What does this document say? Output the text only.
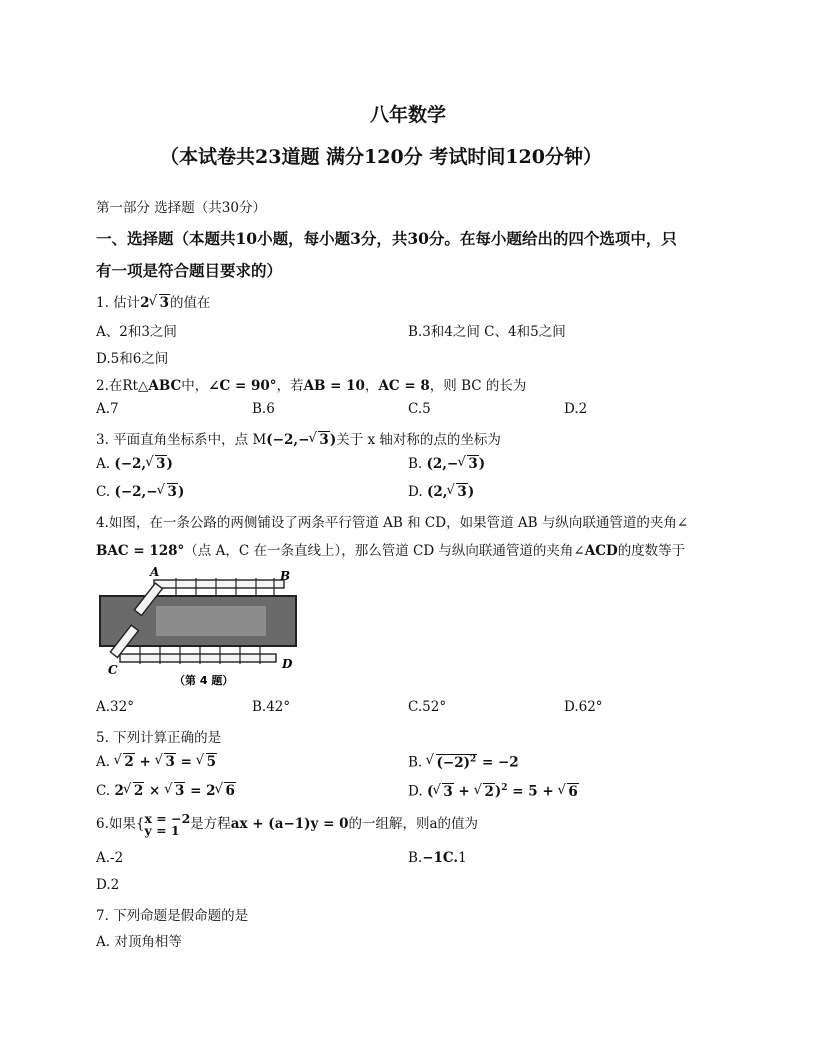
八年数学
（本试卷共23道题 满分120分 考试时间120分钟）
第一部分 选择题（共30分）
一、选择题（本题共10小题，每小题3分，共30分。在每小题给出的四个选项中，只
有一项是符合题目要求的）
1. 估计2 √ 3的值在
A、2和3之间	B.3和4之间 C、4和5之间
D.5和6之间
2.在Rt△ABC中，∠C = 90°，若AB = 10，AC = 8，则 BC 的长为
A.7	B.6	C.5	D.2
3. 平面直角坐标系中，点 M(−2,− √ 3)关于 x 轴对称的点的坐标为
A. (−2, √ 3)	B. (2,− √ 3)
C. (−2,− √ 3)	D. (2, √ 3)
4.如图，在一条公路的两侧铺设了两条平行管道 AB 和 CD，如果管道 AB 与纵向联通管道的夹角∠
BAC = 128°（点 A，C 在一条直线上），那么管道 CD 与纵向联通管道的夹角∠ACD的度数等于
A	B
C	D
（第 4 题）
A.32°	B.42°	C.52°	D.62°
5. 下列计算正确的是
A. √ 2 + √ 3 = √ 5	B. √ $(-2)^2 = -2$
C. 2 √ 2 × √ 3 = 2 √ 6	D. ( √ 3 + √ 2)$^2$ = 5 + √ 6
6.如果{ x = −2
y = 1 是方程ax + (a−1)y = 0的一组解，则a的值为
A.-2	B.−1C.1
D.2
7. 下列命题是假命题的是
A. 对顶角相等
